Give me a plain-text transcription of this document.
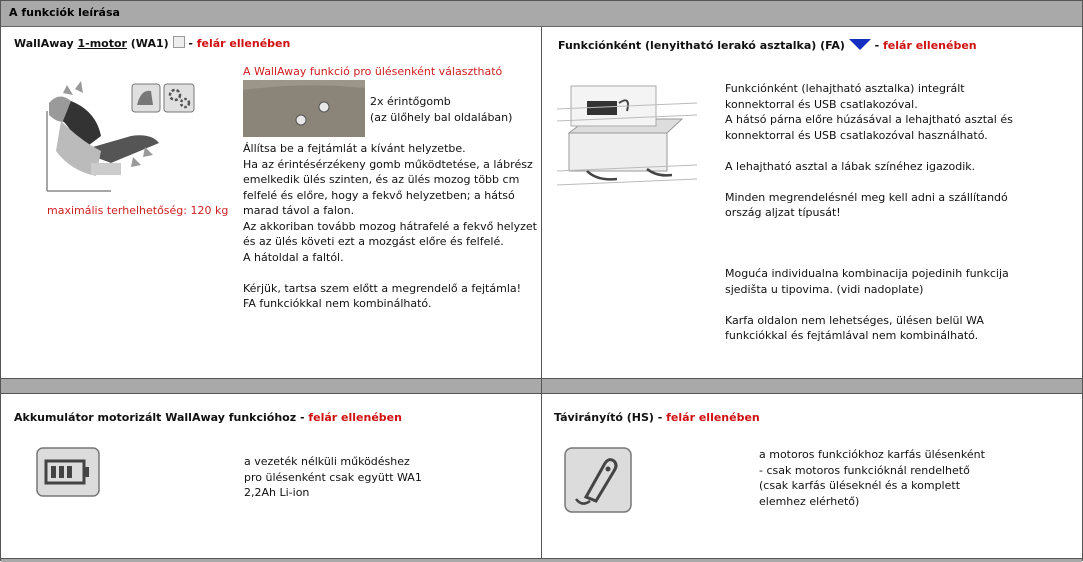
A funkciók leírása
WallAway 1-motor (WA1)  - felár ellenében
maximális terhelhetőség: 120 kg
A WallAway funkció pro ülésenként választható
2x érintőgomb
(az ülőhely bal oldalában)
Állítsa be a fejtámlát a kívánt helyzetbe.
Ha az érintésérzékeny gomb működtetése, a lábrész
emelkedik ülés szinten, és az ülés mozog több cm
felfelé és előre, hogy a fekvő helyzetben; a hátsó
marad távol a falon.
Az akkoriban tovább mozog hátrafelé a fekvő helyzet
és az ülés követi ezt a mozgást előre és felfelé.
A hátoldal a faltól.

Kérjük, tartsa szem előtt a megrendelő a fejtámla!
FA funkciókkal nem kombinálható.
Funkciónként (lenyitható lerakó asztalka) (FA)  - felár ellenében
Funkciónként (lehajtható asztalka) integrált
konnektorral és USB csatlakozóval.
A hátsó párna előre húzásával a lehajtható asztal és
konnektorral és USB csatlakozóval használható.

A lehajtható asztal a lábak színéhez igazodik.

Minden megrendelésnél meg kell adni a szállítandó
ország aljzat típusát!
Moguća individualna kombinacija pojedinih funkcija
sjedišta u tipovima. (vidi nadoplate)

Karfa oldalon nem lehetséges, ülésen belül WA
funkciókkal és fejtámlával nem kombinálható.
Akkumulátor motorizált WallAway funkcióhoz - felár ellenében
a vezeték nélküli működéshez
pro ülésenként csak együtt WA1
2,2Ah Li-ion
Távirányító (HS) - felár ellenében
a motoros funkciókhoz karfás ülésenként
- csak motoros funkcióknál rendelhető
(csak karfás üléseknél és a komplett
elemhez elérhető)
